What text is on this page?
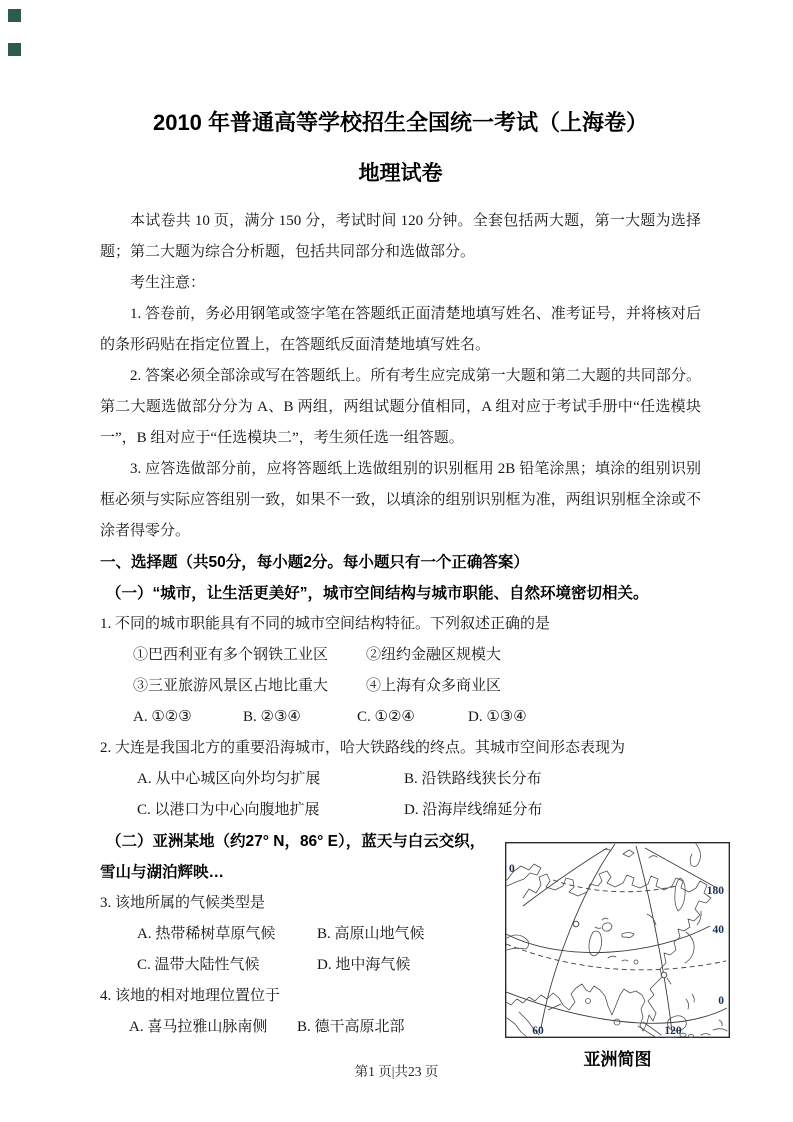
2010 年普通高等学校招生全国统一考试（上海卷）
地理试卷

本试卷共 10 页，满分 150 分，考试时间 120 分钟。全套包括两大题，第一大题为选择题；第二大题为综合分析题，包括共同部分和选做部分。

考生注意：

1. 答卷前，务必用钢笔或签字笔在答题纸正面清楚地填写姓名、准考证号，并将核对后的条形码贴在指定位置上，在答题纸反面清楚地填写姓名。

2. 答案必须全部涂或写在答题纸上。所有考生应完成第一大题和第二大题的共同部分。第二大题选做部分分为 A、B 两组，两组试题分值相同，A 组对应于考试手册中“任选模块一”，B 组对应于“任选模块二”，考生须任选一组答题。

3. 应答选做部分前，应将答题纸上选做组别的识别框用 2B 铅笔涂黑；填涂的组别识别框必须与实际应答组别一致，如果不一致，以填涂的组别识别框为准，两组识别框全涂或不涂者得零分。

一、选择题（共50分，每小题2分。每小题只有一个正确答案）

（一）“城市，让生活更美好”，城市空间结构与城市职能、自然环境密切相关。

1. 不同的城市职能具有不同的城市空间结构特征。下列叙述正确的是

①巴西利亚有多个钢铁工业区	②纽约金融区规模大
③三亚旅游风景区占地比重大	④上海有众多商业区
A. ①②③	B. ②③④	C. ①②④	D. ①③④

2. 大连是我国北方的重要沿海城市，哈大铁路线的终点。其城市空间形态表现为

A. 从中心城区向外均匀扩展	B. 沿铁路线狭长分布
C. 以港口为中心向腹地扩展	D. 沿海岸线绵延分布

（二）亚洲某地（约27° N，86° E），蓝天与白云交织，雪山与湖泊辉映…

3. 该地所属的气候类型是

A. 热带稀树草原气候	B. 高原山地气候
C. 温带大陆性气候	D. 地中海气候

4. 该地的相对地理位置位于

A. 喜马拉雅山脉南侧	B. 德干高原北部
0
180
40
0
60	120
亚洲简图
第1 页|共23 页
